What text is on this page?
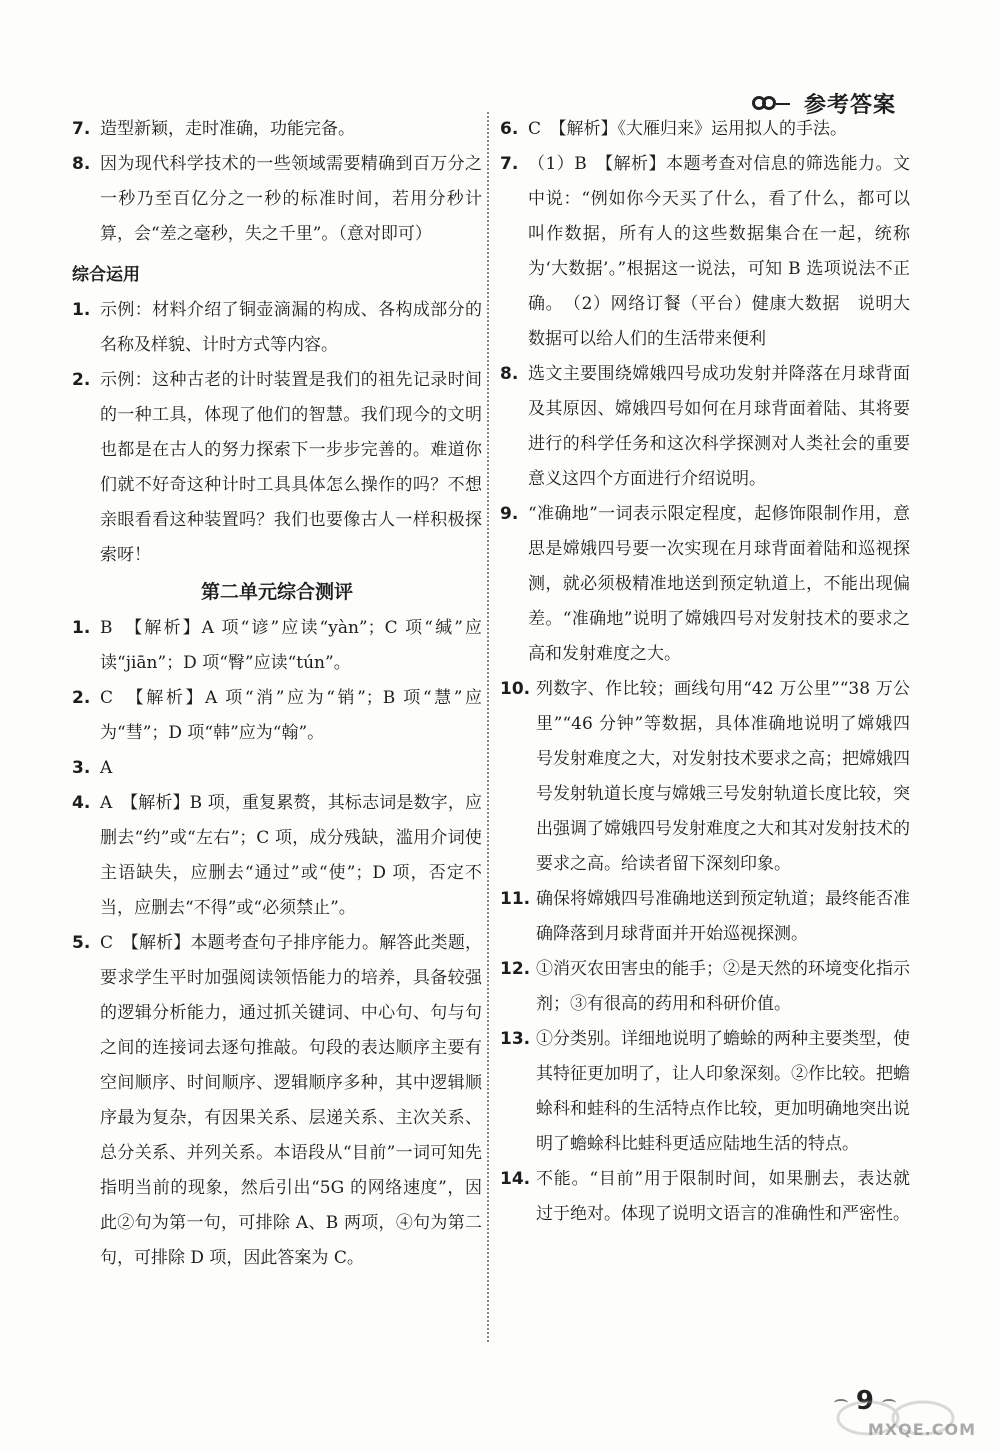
参考答案
7. 造型新颖，走时准确，功能完备。
8. 因为现代科学技术的一些领域需要精确到百万分之一秒乃至百亿分之一秒的标准时间，若用分秒计算，会“差之毫秒，失之千里”。（意对即可）
综合运用
1. 示例：材料介绍了铜壶滴漏的构成、各构成部分的名称及样貌、计时方式等内容。
2. 示例：这种古老的计时装置是我们的祖先记录时间的一种工具，体现了他们的智慧。我们现今的文明也都是在古人的努力探索下一步步完善的。难道你们就不好奇这种计时工具具体怎么操作的吗？不想亲眼看看这种装置吗？我们也要像古人一样积极探索呀！
第二单元综合测评
1. B　【解析】A 项“谚”应读“yàn”；C 项“缄”应读“jiān”；D 项“臀”应读“tún”。
2. C　【解析】A 项“消”应为“销”；B 项“慧”应为“彗”；D 项“韩”应为“翰”。
3. A
4. A　【解析】B 项，重复累赘，其标志词是数字，应删去“约”或“左右”；C 项，成分残缺，滥用介词使主语缺失，应删去“通过”或“使”；D 项，否定不当，应删去“不得”或“必须禁止”。
5. C　【解析】本题考查句子排序能力。解答此类题，要求学生平时加强阅读领悟能力的培养，具备较强的逻辑分析能力，通过抓关键词、中心句、句与句之间的连接词去逐句推敲。句段的表达顺序主要有空间顺序、时间顺序、逻辑顺序多种，其中逻辑顺序最为复杂，有因果关系、层递关系、主次关系、总分关系、并列关系。本语段从“目前”一词可知先指明当前的现象，然后引出“5G 的网络速度”，因此②句为第一句，可排除 A、B 两项，④句为第二句，可排除 D 项，因此答案为 C。
6. C　【解析】《大雁归来》运用拟人的手法。
7. （1）B　【解析】本题考查对信息的筛选能力。文中说：“例如你今天买了什么，看了什么，都可以叫作数据，所有人的这些数据集合在一起，统称为‘大数据’。”根据这一说法，可知 B 选项说法不正确。　（2）网络订餐（平台）健康大数据　说明大数据可以给人们的生活带来便利
8. 选文主要围绕嫦娥四号成功发射并降落在月球背面及其原因、嫦娥四号如何在月球背面着陆、其将要进行的科学任务和这次科学探测对人类社会的重要意义这四个方面进行介绍说明。
9. “准确地”一词表示限定程度，起修饰限制作用，意思是嫦娥四号要一次实现在月球背面着陆和巡视探测，就必须极精准地送到预定轨道上，不能出现偏差。“准确地”说明了嫦娥四号对发射技术的要求之高和发射难度之大。
10. 列数字、作比较；画线句用“42 万公里”“38 万公里”“46 分钟”等数据，具体准确地说明了嫦娥四号发射难度之大，对发射技术要求之高；把嫦娥四号发射轨道长度与嫦娥三号发射轨道长度比较，突出强调了嫦娥四号发射难度之大和其对发射技术的要求之高。给读者留下深刻印象。
11. 确保将嫦娥四号准确地送到预定轨道；最终能否准确降落到月球背面并开始巡视探测。
12. ①消灭农田害虫的能手；②是天然的环境变化指示剂；③有很高的药用和科研价值。
13. ①分类别。详细地说明了蟾蜍的两种主要类型，使其特征更加明了，让人印象深刻。②作比较。把蟾蜍科和蛙科的生活特点作比较，更加明确地突出说明了蟾蜍科比蛙科更适应陆地生活的特点。
14. 不能。“目前”用于限制时间，如果删去，表达就过于绝对。体现了说明文语言的准确性和严密性。
9
MXQE.COM
